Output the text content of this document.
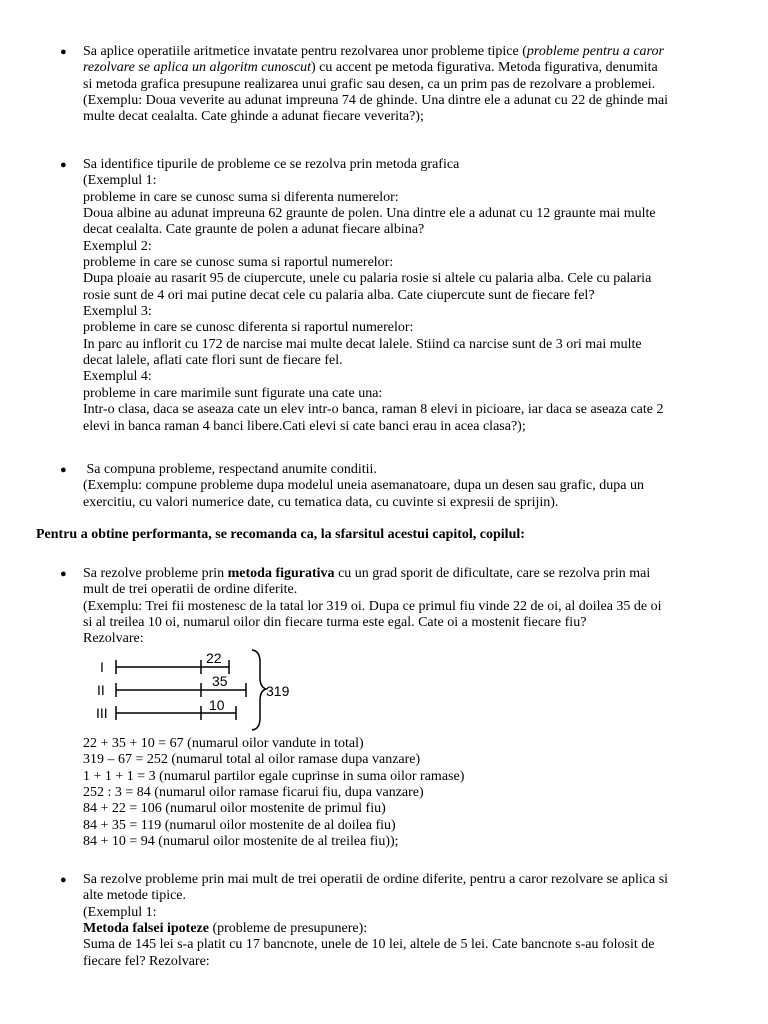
● Sa aplice operatiile aritmetice invatate pentru rezolvarea unor probleme tipice (probleme pentru a caror
rezolvare se aplica un algoritm cunoscut) cu accent pe metoda figurativa. Metoda figurativa, denumita
si metoda grafica presupune realizarea unui grafic sau desen, ca un prim pas de rezolvare a problemei.
(Exemplu: Doua veverite au adunat impreuna 74 de ghinde. Una dintre ele a adunat cu 22 de ghinde mai
multe decat cealalta. Cate ghinde a adunat fiecare veverita?);
● Sa identifice tipurile de probleme ce se rezolva prin metoda grafica
(Exemplul 1:
probleme in care se cunosc suma si diferenta numerelor:
Doua albine au adunat impreuna 62 graunte de polen. Una dintre ele a adunat cu 12 graunte mai multe
decat cealalta. Cate graunte de polen a adunat fiecare albina?
Exemplul 2:
probleme in care se cunosc suma si raportul numerelor:
Dupa ploaie au rasarit 95 de ciupercute, unele cu palaria rosie si altele cu palaria alba. Cele cu palaria
rosie sunt de 4 ori mai putine decat cele cu palaria alba. Cate ciupercute sunt de fiecare fel?
Exemplul 3:
probleme in care se cunosc diferenta si raportul numerelor:
In parc au inflorit cu 172 de narcise mai multe decat lalele. Stiind ca narcise sunt de 3 ori mai multe
decat lalele, aflati cate flori sunt de fiecare fel.
Exemplul 4:
probleme in care marimile sunt figurate una cate una:
Intr-o clasa, daca se aseaza cate un elev intr-o banca, raman 8 elevi in picioare, iar daca se aseaza cate 2
elevi in banca raman 4 banci libere.Cati elevi si cate banci erau in acea clasa?);
● Sa compuna probleme, respectand anumite conditii.
(Exemplu: compune probleme dupa modelul uneia asemanatoare, dupa un desen sau grafic, dupa un
exercitiu, cu valori numerice date, cu tematica data, cu cuvinte si expresii de sprijin).
Pentru a obtine performanta, se recomanda ca, la sfarsitul acestui capitol, copilul:
● Sa rezolve probleme prin metoda figurativa cu un grad sporit de dificultate, care se rezolva prin mai
mult de trei operatii de ordine diferite.
(Exemplu: Trei fii mostenesc de la tatal lor 319 oi. Dupa ce primul fiu vinde 22 de oi, al doilea 35 de oi
si al treilea 10 oi, numarul oilor din fiecare turma este egal. Cate oi a mostenit fiecare fiu?
Rezolvare:
I
II
III
22
35
10
319
22 + 35 + 10 = 67 (numarul oilor vandute in total)
319 – 67 = 252 (numarul total al oilor ramase dupa vanzare)
1 + 1 + 1 = 3 (numarul partilor egale cuprinse in suma oilor ramase)
252 : 3 = 84 (numarul oilor ramase ficarui fiu, dupa vanzare)
84 + 22 = 106 (numarul oilor mostenite de primul fiu)
84 + 35 = 119 (numarul oilor mostenite de al doilea fiu)
84 + 10 = 94 (numarul oilor mostenite de al treilea fiu));
● Sa rezolve probleme prin mai mult de trei operatii de ordine diferite, pentru a caror rezolvare se aplica si
alte metode tipice.
(Exemplul 1:
Metoda falsei ipoteze (probleme de presupunere):
Suma de 145 lei s-a platit cu 17 bancnote, unele de 10 lei, altele de 5 lei. Cate bancnote s-au folosit de
fiecare fel? Rezolvare:
